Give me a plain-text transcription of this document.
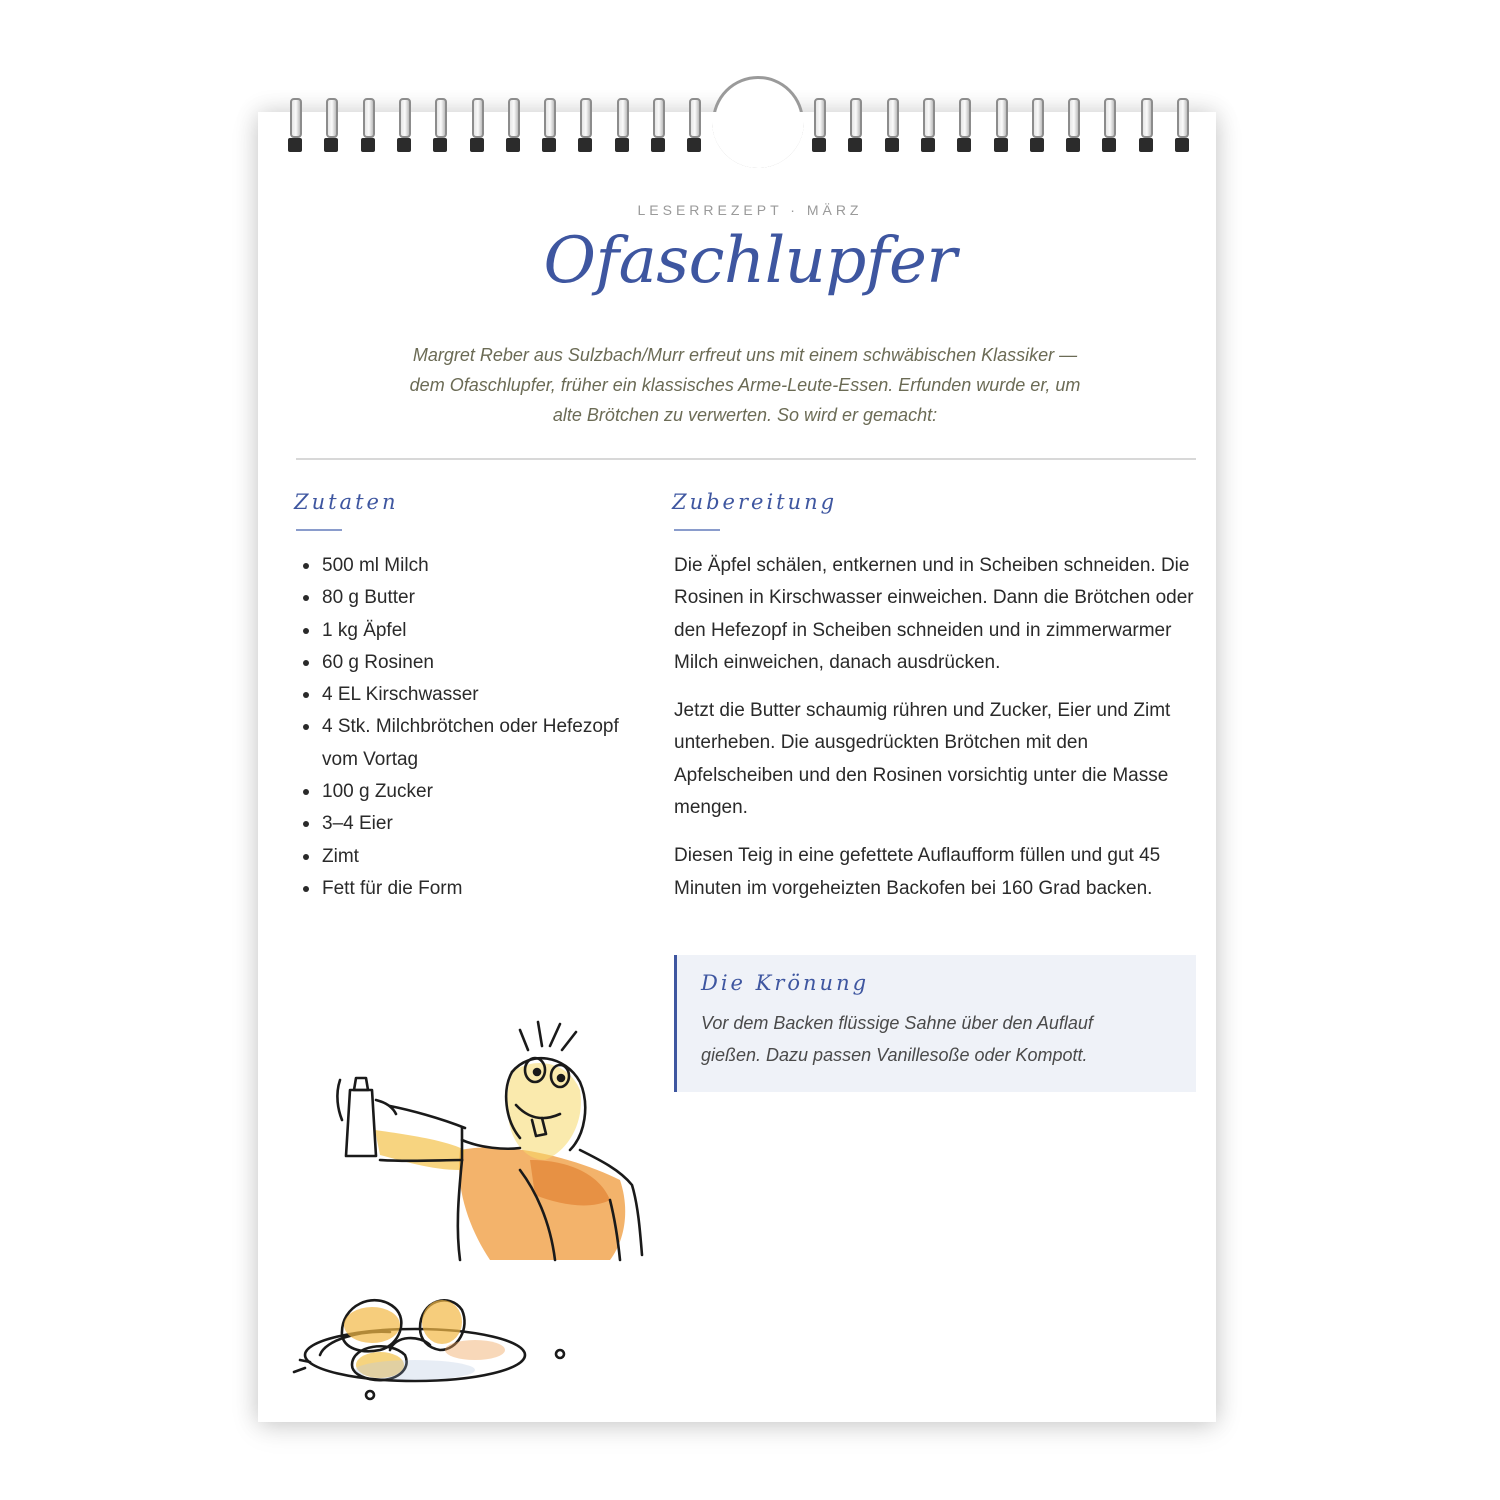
LESERREZEPT · MÄRZ
Ofaschlupfer
Margret Reber aus Sulzbach/Murr erfreut uns mit einem schwäbischen Klassiker — dem Ofaschlupfer, früher ein klassisches Arme-Leute-Essen. Erfunden wurde er, um alte Brötchen zu verwerten. So wird er gemacht:
Zutaten
500 ml Milch
80 g Butter
1 kg Äpfel
60 g Rosinen
4 EL Kirschwasser
4 Stk. Milchbrötchen oder Hefezopf vom Vortag
100 g Zucker
3–4 Eier
Zimt
Fett für die Form
Zubereitung

Die Äpfel schälen, entkernen und in Scheiben schneiden. Die Rosinen in Kirschwasser einweichen. Dann die Brötchen oder den Hefezopf in Scheiben schneiden und in zimmerwarmer Milch einweichen, danach ausdrücken.

Jetzt die Butter schaumig rühren und Zucker, Eier und Zimt unterheben. Die ausgedrückten Brötchen mit den Apfelscheiben und den Rosinen vorsichtig unter die Masse mengen.

Diesen Teig in eine gefettete Auflaufform füllen und gut 45 Minuten im vorgeheizten Backofen bei 160 Grad backen.

Die Krönung
Vor dem Backen flüssige Sahne über den Auflauf gießen. Dazu passen Vanillesoße oder Kompott.
